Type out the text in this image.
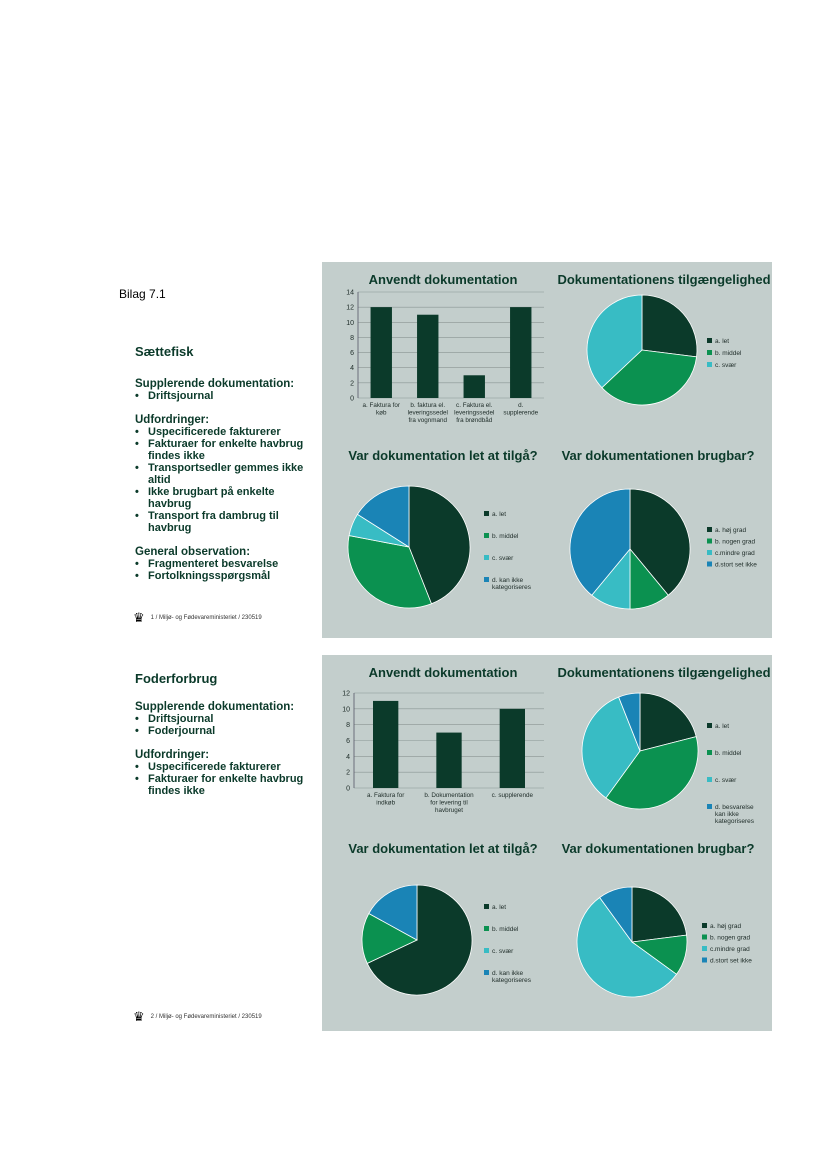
Bilag 7.1
Sættefisk
Supplerende dokumentation:
• Driftsjournal
Udfordringer:
• Uspecificerede fakturerer
• Fakturaer for enkelte havbrug findes ikke
• Transportsedler gemmes ikke altid
• Ikke brugbart på enkelte havbrug
• Transport fra dambrug til havbrug
General observation:
• Fragmenteret besvarelse
• Fortolkningsspørgsmål
♛ 1 / Miljø- og Fødevareministeriet / 230519
Foderforbrug
Supplerende dokumentation:
• Driftsjournal
• Foderjournal
Udfordringer:
• Uspecificerede fakturerer
• Fakturaer for enkelte havbrug findes ikke
♛ 2 / Miljø- og Fødevareministeriet / 230519
Anvendt dokumentation
0
2
4
6
8
10
12
14
a. Faktura for
køb
b. faktura el.
leveringssedel
fra vognmand
c. Faktura el.
leveringssedel
fra brøndbåd
d.
supplerende
Dokumentationens tilgængelighed
a. let
b. middel
c. svær
Var dokumentation let at tilgå?
a. let
b. middel
c. svær
d. kan ikke
kategoriseres
Var dokumentationen brugbar?
a. høj grad
b. nogen grad
c.mindre grad
d.stort set ikke
Anvendt dokumentation
0
2
4
6
8
10
12
a. Faktura for
indkøb
b. Dokumentation
for levering til
havbruget
c. supplerende
Dokumentationens tilgængelighed
a. let
b. middel
c. svær
d. besvarelse
kan ikke
kategoriseres
Var dokumentation let at tilgå?
a. let
b. middel
c. svær
d. kan ikke
kategoriseres
Var dokumentationen brugbar?
a. høj grad
b. nogen grad
c.mindre grad
d.stort set ikke
